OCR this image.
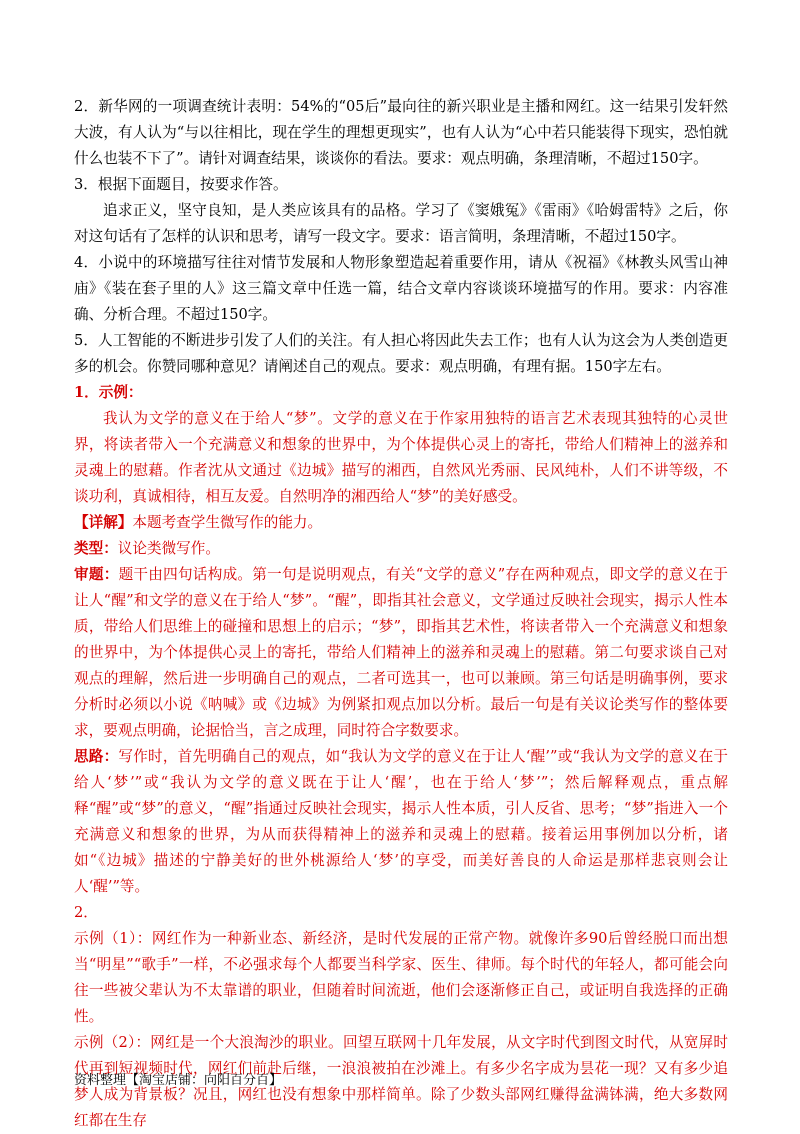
2．新华网的一项调查统计表明：54%的“05后”最向往的新兴职业是主播和网红。这一结果引发轩然大波，有人认为“与以往相比，现在学生的理想更现实”，也有人认为“心中若只能装得下现实，恐怕就什么也装不下了”。请针对调查结果，谈谈你的看法。要求：观点明确，条理清晰，不超过150字。

3．根据下面题目，按要求作答。

追求正义，坚守良知，是人类应该具有的品格。学习了《窦娥冤》《雷雨》《哈姆雷特》之后，你对这句话有了怎样的认识和思考，请写一段文字。要求：语言简明，条理清晰，不超过150字。

4．小说中的环境描写往往对情节发展和人物形象塑造起着重要作用，请从《祝福》《林教头风雪山神庙》《装在套子里的人》这三篇文章中任选一篇，结合文章内容谈谈环境描写的作用。要求：内容准确、分析合理。不超过150字。

5．人工智能的不断进步引发了人们的关注。有人担心将因此失去工作；也有人认为这会为人类创造更多的机会。你赞同哪种意见？请阐述自己的观点。要求：观点明确，有理有据。150字左右。

1．示例：

我认为文学的意义在于给人“梦”。文学的意义在于作家用独特的语言艺术表现其独特的心灵世界，将读者带入一个充满意义和想象的世界中，为个体提供心灵上的寄托，带给人们精神上的滋养和灵魂上的慰藉。作者沈从文通过《边城》描写的湘西，自然风光秀丽、民风纯朴，人们不讲等级，不谈功利，真诚相待，相互友爱。自然明净的湘西给人“梦”的美好感受。

【详解】本题考查学生微写作的能力。

类型：议论类微写作。

审题：题干由四句话构成。第一句是说明观点，有关“文学的意义”存在两种观点，即文学的意义在于让人“醒”和文学的意义在于给人“梦”。“醒”，即指其社会意义，文学通过反映社会现实，揭示人性本质，带给人们思维上的碰撞和思想上的启示；“梦”，即指其艺术性，将读者带入一个充满意义和想象的世界中，为个体提供心灵上的寄托，带给人们精神上的滋养和灵魂上的慰藉。第二句要求谈自己对观点的理解，然后进一步明确自己的观点，二者可选其一，也可以兼顾。第三句话是明确事例，要求分析时必须以小说《呐喊》或《边城》为例紧扣观点加以分析。最后一句是有关议论类写作的整体要求，要观点明确，论据恰当，言之成理，同时符合字数要求。

思路：写作时，首先明确自己的观点，如“我认为文学的意义在于让人‘醒’”或“我认为文学的意义在于给人‘梦’”或“我认为文学的意义既在于让人‘醒’，也在于给人‘梦’”；然后解释观点，重点解释“醒”或“梦”的意义，“醒”指通过反映社会现实，揭示人性本质，引人反省、思考；“梦”指进入一个充满意义和想象的世界，为从而获得精神上的滋养和灵魂上的慰藉。接着运用事例加以分析，诸如“《边城》描述的宁静美好的世外桃源给人‘梦’的享受，而美好善良的人命运是那样悲哀则会让人‘醒’”等。

2．

示例（1）：网红作为一种新业态、新经济，是时代发展的正常产物。就像许多90后曾经脱口而出想当“明星”“歌手”一样，不必强求每个人都要当科学家、医生、律师。每个时代的年轻人，都可能会向往一些被父辈认为不太靠谱的职业，但随着时间流逝，他们会逐渐修正自己，或证明自我选择的正确性。

示例（2）：网红是一个大浪淘沙的职业。回望互联网十几年发展，从文字时代到图文时代，从宽屏时代再到短视频时代，网红们前赴后继，一浪浪被拍在沙滩上。有多少名字成为昙花一现？又有多少追梦人成为背景板？况且，网红也没有想象中那样简单。除了少数头部网红赚得盆满钵满，绝大多数网红都在生存

资料整理【淘宝店铺：向阳百分百】
